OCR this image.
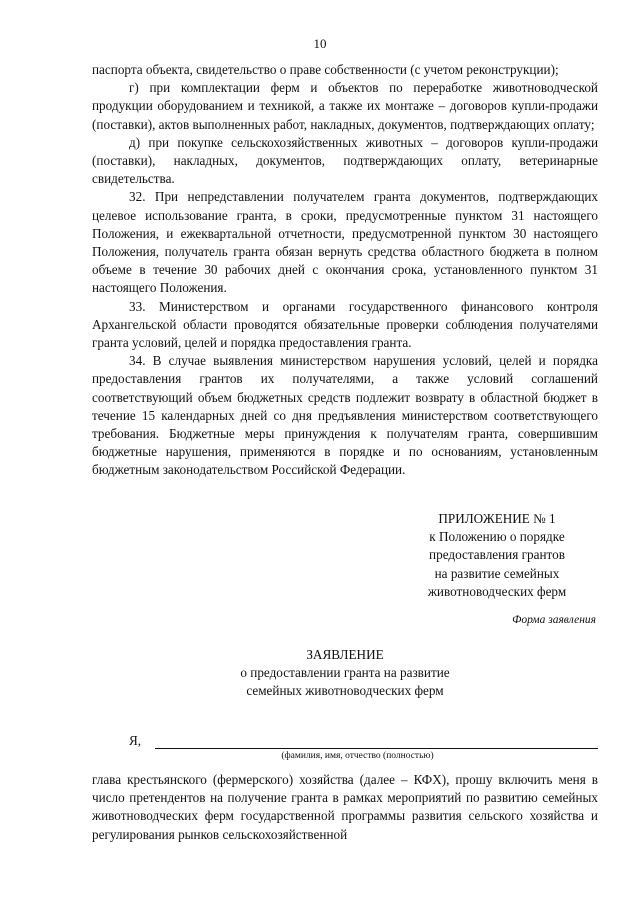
10

паспорта объекта, свидетельство о праве собственности (с учетом реконструкции);

г) при комплектации ферм и объектов по переработке животноводческой продукции оборудованием и техникой, а также их монтаже – договоров купли-продажи (поставки), актов выполненных работ, накладных, документов, подтверждающих оплату;

д) при покупке сельскохозяйственных животных – договоров купли-продажи (поставки), накладных, документов, подтверждающих оплату, ветеринарные свидетельства.

32. При непредставлении получателем гранта документов, подтверждающих целевое использование гранта, в сроки, предусмотренные пунктом 31 настоящего Положения, и ежеквартальной отчетности, предусмотренной пунктом 30 настоящего Положения, получатель гранта обязан вернуть средства областного бюджета в полном объеме в течение 30 рабочих дней с окончания срока, установленного пунктом 31 настоящего Положения.

33. Министерством и органами государственного финансового контроля Архангельской области проводятся обязательные проверки соблюдения получателями гранта условий, целей и порядка предоставления гранта.

34. В случае выявления министерством нарушения условий, целей и порядка предоставления грантов их получателями, а также условий соглашений соответствующий объем бюджетных средств подлежит возврату в областной бюджет в течение 15 календарных дней со дня предъявления министерством соответствующего требования. Бюджетные меры принуждения к получателям гранта, совершившим бюджетные нарушения, применяются в порядке и по основаниям, установленным бюджетным законодательством Российской Федерации.

ПРИЛОЖЕНИЕ № 1
к Положению о порядке
предоставления грантов
на развитие семейных
животноводческих ферм
Форма заявления
ЗАЯВЛЕНИЕ
о предоставлении гранта на развитие
семейных животноводческих ферм
Я,
(фамилия, имя, отчество (полностью)

глава крестьянского (фермерского) хозяйства (далее – КФХ), прошу включить меня в число претендентов на получение гранта в рамках мероприятий по развитию семейных животноводческих ферм государственной программы развития сельского хозяйства и регулирования рынков сельскохозяйственной
